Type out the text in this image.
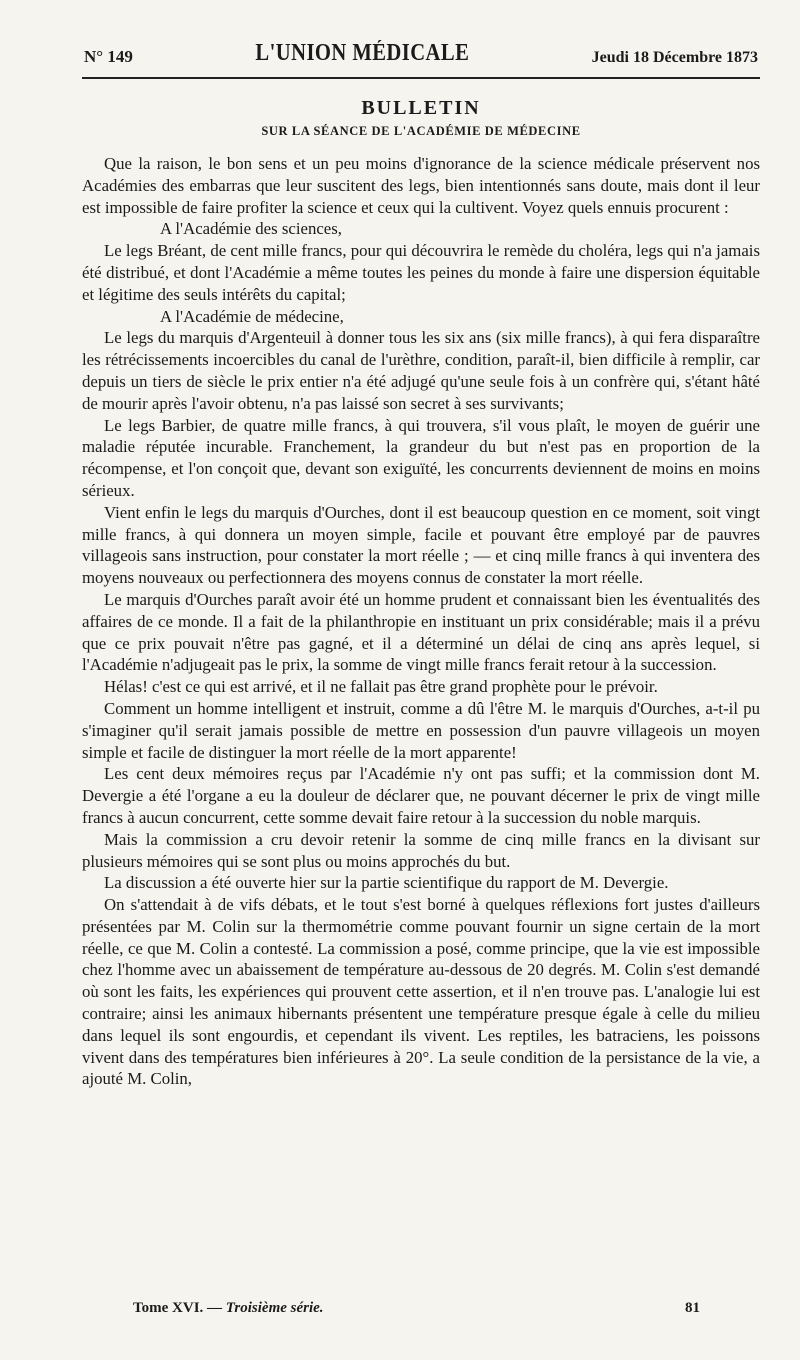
N° 149	L'UNION MÉDICALE	Jeudi 18 Décembre 1873
BULLETIN
SUR LA SÉANCE DE L'ACADÉMIE DE MÉDECINE

Que la raison, le bon sens et un peu moins d'ignorance de la science médicale préservent nos Académies des embarras que leur suscitent des legs, bien intentionnés sans doute, mais dont il leur est impossible de faire profiter la science et ceux qui la cultivent. Voyez quels ennuis procurent :

A l'Académie des sciences,

Le legs Bréant, de cent mille francs, pour qui découvrira le remède du choléra, legs qui n'a jamais été distribué, et dont l'Académie a même toutes les peines du monde à faire une dispersion équitable et légitime des seuls intérêts du capital;

A l'Académie de médecine,

Le legs du marquis d'Argenteuil à donner tous les six ans (six mille francs), à qui fera disparaître les rétrécissements incoercibles du canal de l'urèthre, condition, paraît-il, bien difficile à remplir, car depuis un tiers de siècle le prix entier n'a été adjugé qu'une seule fois à un confrère qui, s'étant hâté de mourir après l'avoir obtenu, n'a pas laissé son secret à ses survivants;

Le legs Barbier, de quatre mille francs, à qui trouvera, s'il vous plaît, le moyen de guérir une maladie réputée incurable. Franchement, la grandeur du but n'est pas en proportion de la récompense, et l'on conçoit que, devant son exiguïté, les concurrents deviennent de moins en moins sérieux.

Vient enfin le legs du marquis d'Ourches, dont il est beaucoup question en ce moment, soit vingt mille francs, à qui donnera un moyen simple, facile et pouvant être employé par de pauvres villageois sans instruction, pour constater la mort réelle ; — et cinq mille francs à qui inventera des moyens nouveaux ou perfectionnera des moyens connus de constater la mort réelle.

Le marquis d'Ourches paraît avoir été un homme prudent et connaissant bien les éventualités des affaires de ce monde. Il a fait de la philanthropie en instituant un prix considérable; mais il a prévu que ce prix pouvait n'être pas gagné, et il a déterminé un délai de cinq ans après lequel, si l'Académie n'adjugeait pas le prix, la somme de vingt mille francs ferait retour à la succession.

Hélas! c'est ce qui est arrivé, et il ne fallait pas être grand prophète pour le prévoir.

Comment un homme intelligent et instruit, comme a dû l'être M. le marquis d'Ourches, a-t-il pu s'imaginer qu'il serait jamais possible de mettre en possession d'un pauvre villageois un moyen simple et facile de distinguer la mort réelle de la mort apparente!

Les cent deux mémoires reçus par l'Académie n'y ont pas suffi; et la commission dont M. Devergie a été l'organe a eu la douleur de déclarer que, ne pouvant décerner le prix de vingt mille francs à aucun concurrent, cette somme devait faire retour à la succession du noble marquis.

Mais la commission a cru devoir retenir la somme de cinq mille francs en la divisant sur plusieurs mémoires qui se sont plus ou moins approchés du but.

La discussion a été ouverte hier sur la partie scientifique du rapport de M. Devergie.

On s'attendait à de vifs débats, et le tout s'est borné à quelques réflexions fort justes d'ailleurs présentées par M. Colin sur la thermométrie comme pouvant fournir un signe certain de la mort réelle, ce que M. Colin a contesté. La commission a posé, comme principe, que la vie est impossible chez l'homme avec un abaissement de température au-dessous de 20 degrés. M. Colin s'est demandé où sont les faits, les expériences qui prouvent cette assertion, et il n'en trouve pas. L'analogie lui est contraire; ainsi les animaux hibernants présentent une température presque égale à celle du milieu dans lequel ils sont engourdis, et cependant ils vivent. Les reptiles, les batraciens, les poissons vivent dans des températures bien inférieures à 20°. La seule condition de la persistance de la vie, a ajouté M. Colin,

Tome XVI. — Troisième série.	81
